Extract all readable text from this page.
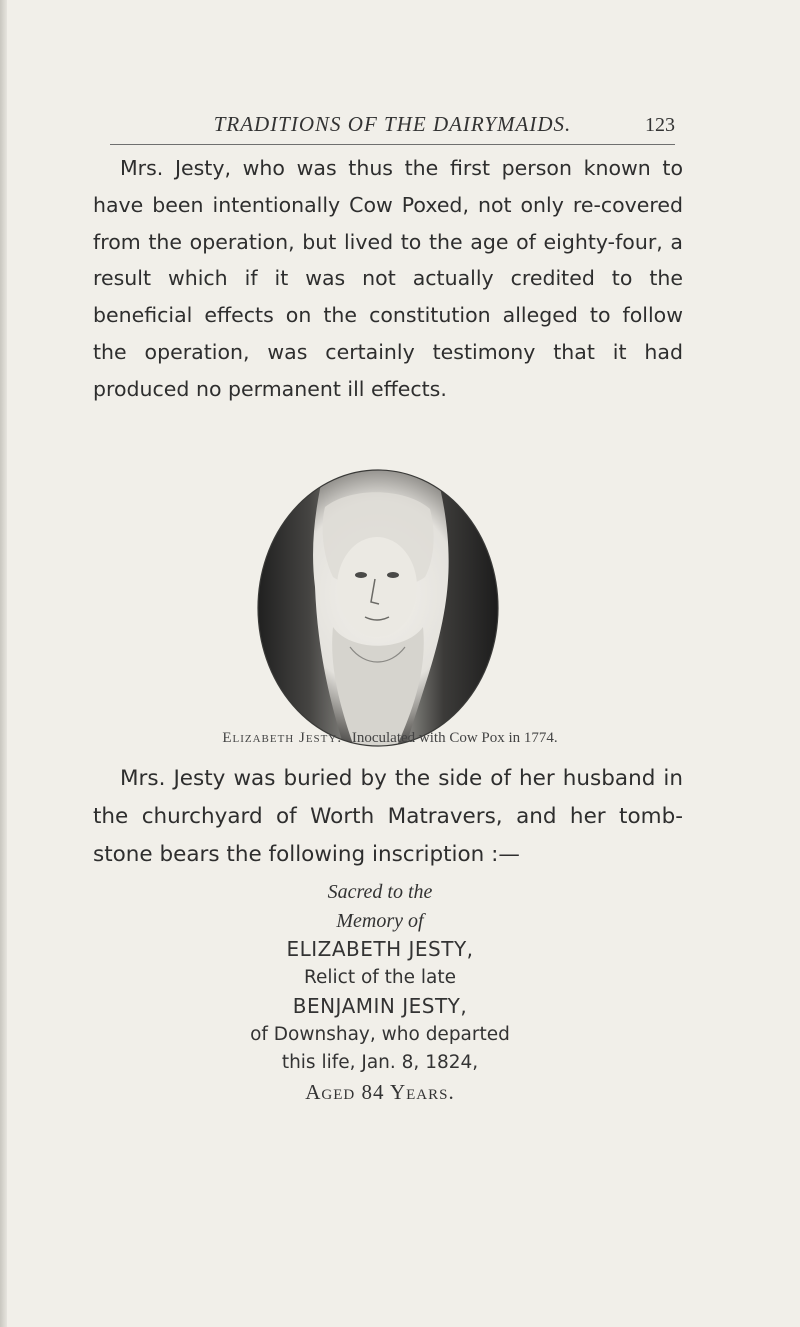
TRADITIONS OF THE DAIRYMAIDS.	123

Mrs. Jesty, who was thus the first person known to have been intentionally Cow Poxed, not only re-covered from the operation, but lived to the age of eighty-four, a result which if it was not actually credited to the beneficial effects on the constitution alleged to follow the operation, was certainly testimony that it had produced no permanent ill effects.

Elizabeth Jesty. Inoculated with Cow Pox in 1774.

Mrs. Jesty was buried by the side of her husband in the churchyard of Worth Matravers, and her tomb-stone bears the following inscription :—

Sacred to the
Memory of
ELIZABETH JESTY,
Relict of the late
BENJAMIN JESTY,
of Downshay, who departed
this life, Jan. 8, 1824,
Aged 84 Years.
